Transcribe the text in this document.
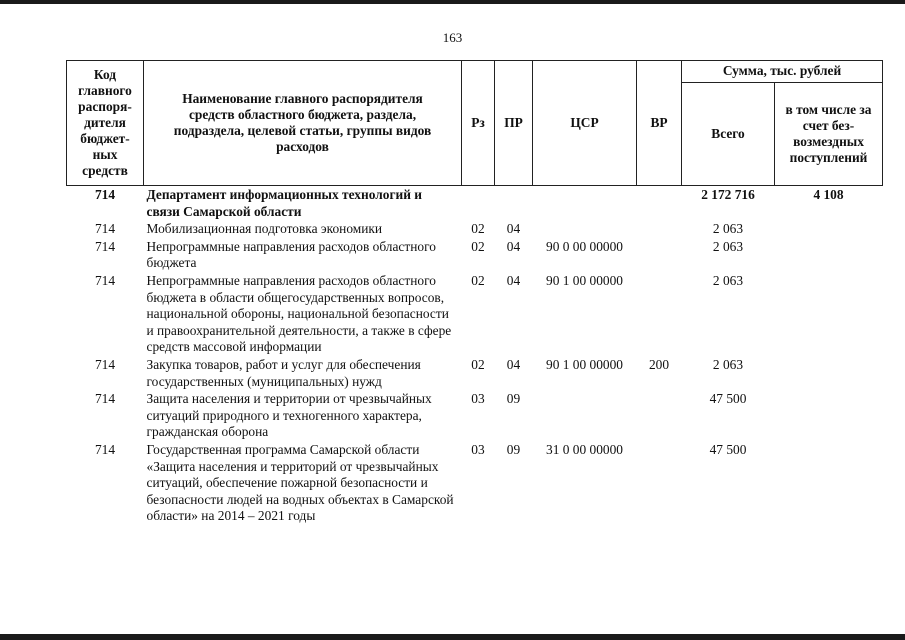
163
Код главного распоря-дителя бюджет-ных средств	Наименование главного распорядителя средств областного бюджета, раздела, подраздела, целевой статьи, группы видов расходов	Рз	ПР	ЦСР	ВР	Сумма, тыс. рублей	
						Всего	в том числе за счет без-возмездных поступлений
714	Департамент информационных технологий и связи Самарской области					2 172 716	4 108
714	Мобилизационная подготовка экономики	02	04			2 063	
714	Непрограммные направления расходов областного бюджета	02	04	90 0 00 00000		2 063	
714	Непрограммные направления расходов областного бюджета в области общегосударственных вопросов, национальной обороны, национальной безопасности и правоохранительной деятельности, а также в сфере средств массовой информации	02	04	90 1 00 00000		2 063	
714	Закупка товаров, работ и услуг для обеспечения государственных (муниципальных) нужд	02	04	90 1 00 00000	200	2 063	
714	Защита населения и территории от чрезвычайных ситуаций природного и техногенного характера, гражданская оборона	03	09			47 500	
714	Государственная программа Самарской области «Защита населения и территорий от чрезвычайных ситуаций, обеспечение пожарной безопасности и безопасности людей на водных объектах в Самарской области» на 2014 – 2021 годы	03	09	31 0 00 00000		47 500	
